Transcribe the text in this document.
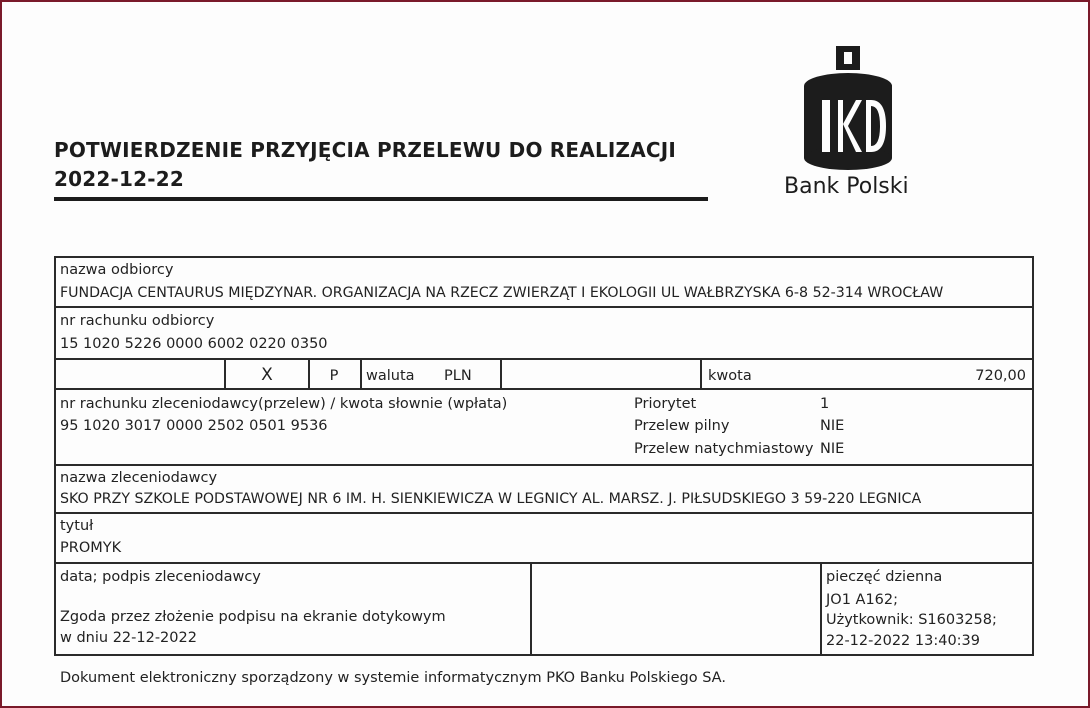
POTWIERDZENIE PRZYJĘCIA PRZELEWU DO REALIZACJI
2022-12-22	Bank Polski
nazwa odbiorcy
FUNDACJA CENTAURUS MIĘDZYNAR. ORGANIZACJA NA RZECZ ZWIERZĄT I EKOLOGII UL WAŁBRZYSKA 6-8 52-314 WROCŁAW
nr rachunku odbiorcy
15 1020 5226 0000 6002 0220 0350
X	P	waluta PLN	kwota	720,00
nr rachunku zleceniodawcy(przelew) / kwota słownie (wpłata)
95 1020 3017 0000 2502 0501 9536
Priorytet	1
Przelew pilny	NIE
Przelew natychmiastowy NIE
nazwa zleceniodawcy
SKO PRZY SZKOLE PODSTAWOWEJ NR 6 IM. H. SIENKIEWICZA W LEGNICY AL. MARSZ. J. PIŁSUDSKIEGO 3 59-220 LEGNICA
tytuł
PROMYK
data; podpis zleceniodawcy
Zgoda przez złożenie podpisu na ekranie dotykowym
w dniu 22-12-2022
pieczęć dzienna
JO1 A162;
Użytkownik: S1603258;
22-12-2022 13:40:39
Dokument elektroniczny sporządzony w systemie informatycznym PKO Banku Polskiego SA.
